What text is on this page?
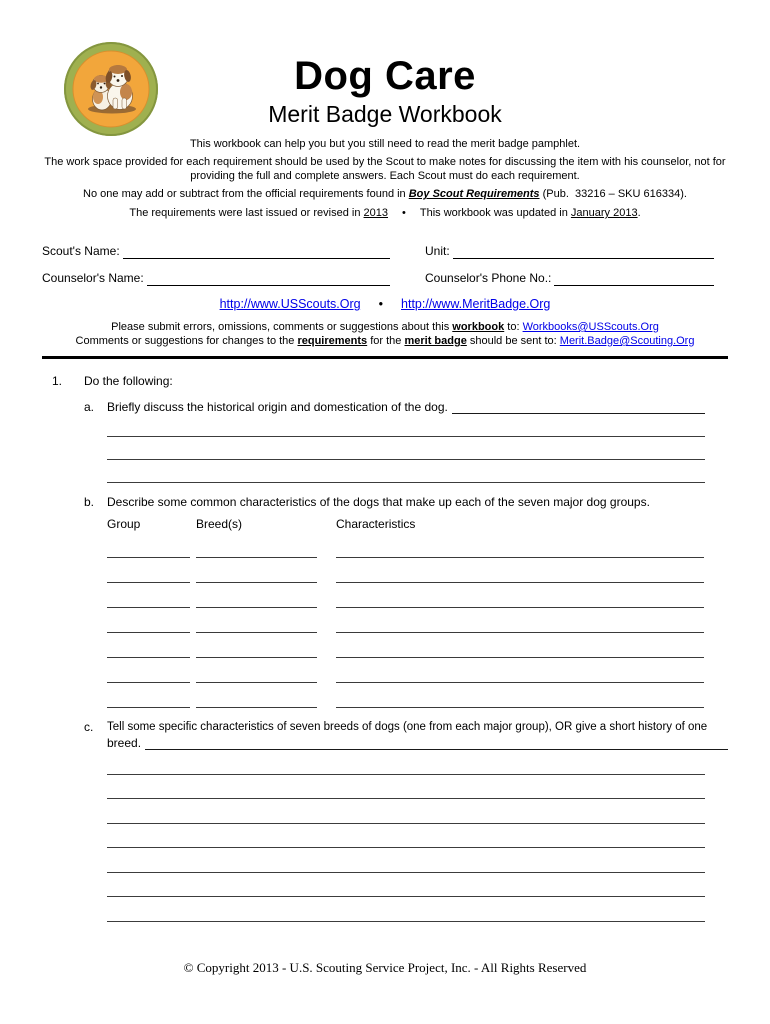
Dog Care
Merit Badge Workbook

This workbook can help you but you still need to read the merit badge pamphlet.

The work space provided for each requirement should be used by the Scout to make notes for discussing the item with his counselor, not for providing the full and complete answers. Each Scout must do each requirement.

No one may add or subtract from the official requirements found in Boy Scout Requirements (Pub.  33216 – SKU 616334).

The requirements were last issued or revised in 2013 • This workbook was updated in January 2013.

Scout's Name:	Unit:
Counselor's Name:	Counselor's Phone No.:
http://www.USScouts.Org • http://www.MeritBadge.Org

Please submit errors, omissions, comments or suggestions about this workbook to: Workbooks@USScouts.Org

Comments or suggestions for changes to the requirements for the merit badge should be sent to: Merit.Badge@Scouting.Org

1.	Do the following:
a.	Briefly discuss the historical origin and domestication of the dog.
b.	Describe some common characteristics of the dogs that make up each of the seven major dog groups.
Group	Breed(s)	Characteristics
c.	Tell some specific characteristics of seven breeds of dogs (one from each major group), OR give a short history of one
breed.
© Copyright 2013 - U.S. Scouting Service Project, Inc. - All Rights Reserved
